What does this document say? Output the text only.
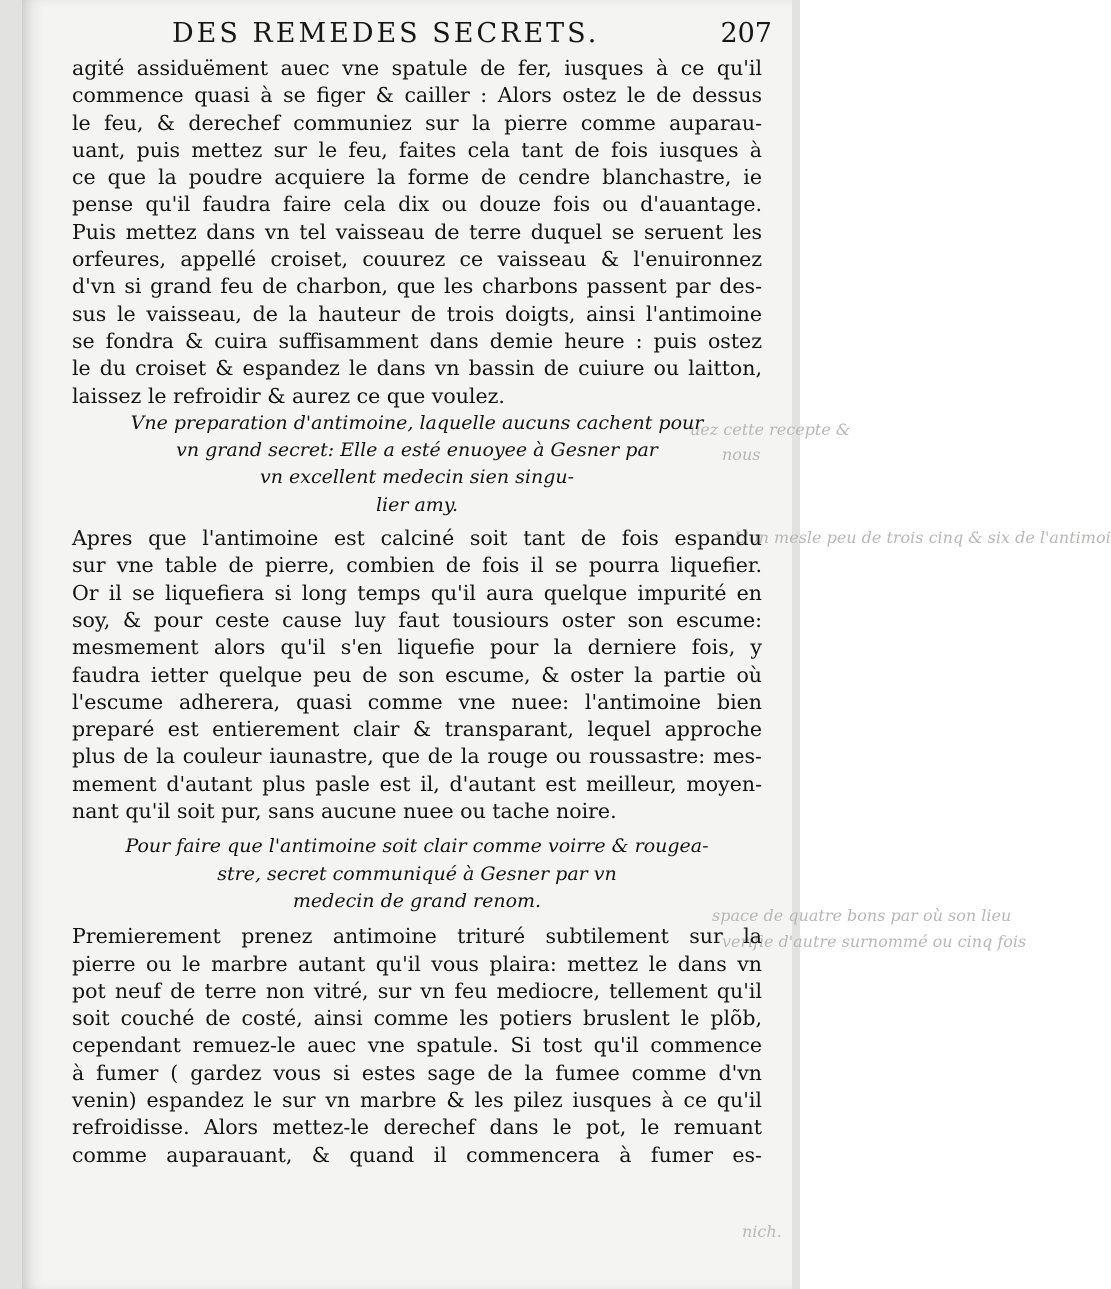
uez cette recepte &
nous
L'on mesle peu de trois cinq & six de l'antimoi
space de quatre bons par où son lieu
verifie d'autre surnommé ou cinq fois
nich.
DES REMEDES SECRETS.	207
agité assiduëment auec vne spatule de fer, iusques à ce qu'il
commence quasi à se figer & cailler : Alors ostez le de dessus
le feu, & derechef communiez sur la pierre comme auparau-
uant, puis mettez sur le feu, faites cela tant de fois iusques à
ce que la poudre acquiere la forme de cendre blanchastre, ie
pense qu'il faudra faire cela dix ou douze fois ou d'auantage.
Puis mettez dans vn tel vaisseau de terre duquel se seruent les
orfeures, appellé croiset, couurez ce vaisseau & l'enuironnez
d'vn si grand feu de charbon, que les charbons passent par des-
sus le vaisseau, de la hauteur de trois doigts, ainsi l'antimoine
se fondra & cuira suffisamment dans demie heure : puis ostez
le du croiset & espandez le dans vn bassin de cuiure ou laitton,
laissez le refroidir & aurez ce que voulez.
Vne preparation d'antimoine, laquelle aucuns cachent pour
vn grand secret: Elle a esté enuoyee à Gesner par
vn excellent medecin sien singu-
lier amy.
Apres que l'antimoine est calciné soit tant de fois espandu
sur vne table de pierre, combien de fois il se pourra liquefier.
Or il se liquefiera si long temps qu'il aura quelque impurité en
soy, & pour ceste cause luy faut tousiours oster son escume:
mesmement alors qu'il s'en liquefie pour la derniere fois, y
faudra ietter quelque peu de son escume, & oster la partie où
l'escume adherera, quasi comme vne nuee: l'antimoine bien
preparé est entierement clair & transparant, lequel approche
plus de la couleur iaunastre, que de la rouge ou roussastre: mes-
mement d'autant plus pasle est il, d'autant est meilleur, moyen-
nant qu'il soit pur, sans aucune nuee ou tache noire.
Pour faire que l'antimoine soit clair comme voirre & rougea-
stre, secret communiqué à Gesner par vn
medecin de grand renom.
Premierement prenez antimoine trituré subtilement sur la
pierre ou le marbre autant qu'il vous plaira: mettez le dans vn
pot neuf de terre non vitré, sur vn feu mediocre, tellement qu'il
soit couché de costé, ainsi comme les potiers bruslent le plõb,
cependant remuez-le auec vne spatule. Si tost qu'il commence
à fumer ( gardez vous si estes sage de la fumee comme d'vn
venin) espandez le sur vn marbre & les pilez iusques à ce qu'il
refroidisse. Alors mettez-le derechef dans le pot, le remuant
comme auparauant, & quand il commencera à fumer es-
